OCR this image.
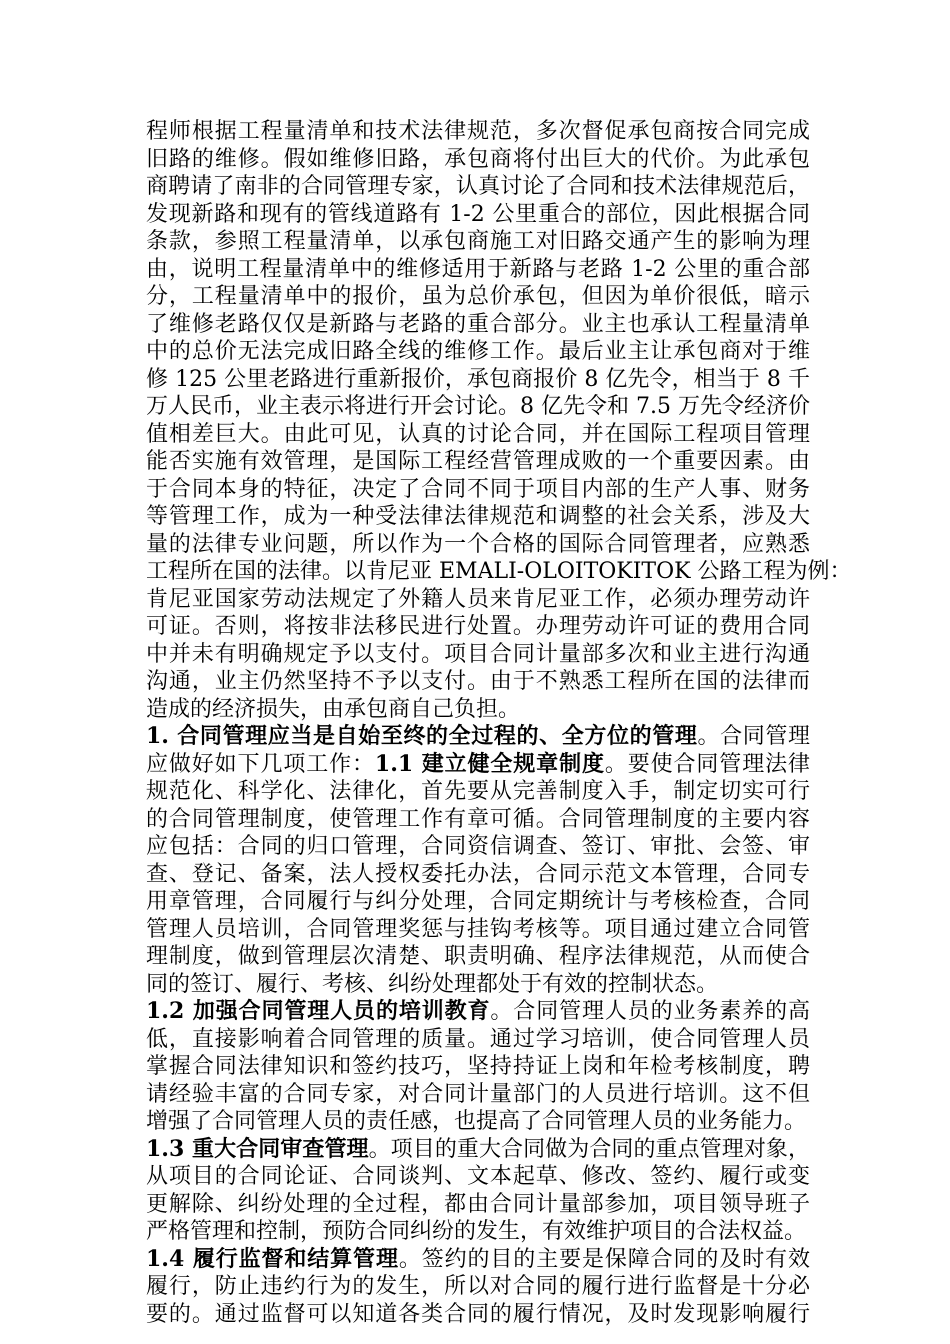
程师根据工程量清单和技术法律规范，多次督促承包商按合同完成
旧路的维修。假如维修旧路，承包商将付出巨大的代价。为此承包
商聘请了南非的合同管理专家，认真讨论了合同和技术法律规范后，
发现新路和现有的管线道路有 1-2 公里重合的部位，因此根据合同
条款，参照工程量清单，以承包商施工对旧路交通产生的影响为理
由，说明工程量清单中的维修适用于新路与老路 1-2 公里的重合部
分，工程量清单中的报价，虽为总价承包，但因为单价很低，暗示
了维修老路仅仅是新路与老路的重合部分。业主也承认工程量清单
中的总价无法完成旧路全线的维修工作。最后业主让承包商对于维
修 125 公里老路进行重新报价，承包商报价 8 亿先令，相当于 8 千
万人民币，业主表示将进行开会讨论。8 亿先令和 7.5 万先令经济价
值相差巨大。由此可见，认真的讨论合同，并在国际工程项目管理
能否实施有效管理，是国际工程经营管理成败的一个重要因素。由
于合同本身的特征，决定了合同不同于项目内部的生产人事、财务
等管理工作，成为一种受法律法律规范和调整的社会关系，涉及大
量的法律专业问题，所以作为一个合格的国际合同管理者，应熟悉
工程所在国的法律。以肯尼亚 EMALI-OLOITOKITOK 公路工程为例：
肯尼亚国家劳动法规定了外籍人员来肯尼亚工作，必须办理劳动许
可证。否则，将按非法移民进行处置。办理劳动许可证的费用合同
中并未有明确规定予以支付。项目合同计量部多次和业主进行沟通
沟通，业主仍然坚持不予以支付。由于不熟悉工程所在国的法律而
造成的经济损失，由承包商自己负担。
1. 合同管理应当是自始至终的全过程的、全方位的管理。合同管理
应做好如下几项工作：1.1 建立健全规章制度。要使合同管理法律
规范化、科学化、法律化，首先要从完善制度入手，制定切实可行
的合同管理制度，使管理工作有章可循。合同管理制度的主要内容
应包括：合同的归口管理，合同资信调查、签订、审批、会签、审
查、登记、备案，法人授权委托办法，合同示范文本管理，合同专
用章管理，合同履行与纠分处理，合同定期统计与考核检查，合同
管理人员培训，合同管理奖惩与挂钩考核等。项目通过建立合同管
理制度，做到管理层次清楚、职责明确、程序法律规范，从而使合
同的签订、履行、考核、纠纷处理都处于有效的控制状态。
1.2 加强合同管理人员的培训教育。合同管理人员的业务素养的高
低，直接影响着合同管理的质量。通过学习培训，使合同管理人员
掌握合同法律知识和签约技巧，坚持持证上岗和年检考核制度，聘
请经验丰富的合同专家，对合同计量部门的人员进行培训。这不但
增强了合同管理人员的责任感，也提高了合同管理人员的业务能力。
1.3 重大合同审查管理。项目的重大合同做为合同的重点管理对象，
从项目的合同论证、合同谈判、文本起草、修改、签约、履行或变
更解除、纠纷处理的全过程，都由合同计量部参加，项目领导班子
严格管理和控制，预防合同纠纷的发生，有效维护项目的合法权益。
1.4 履行监督和结算管理。签约的目的主要是保障合同的及时有效
履行，防止违约行为的发生，所以对合同的履行进行监督是十分必
要的。通过监督可以知道各类合同的履行情况，及时发现影响履行
